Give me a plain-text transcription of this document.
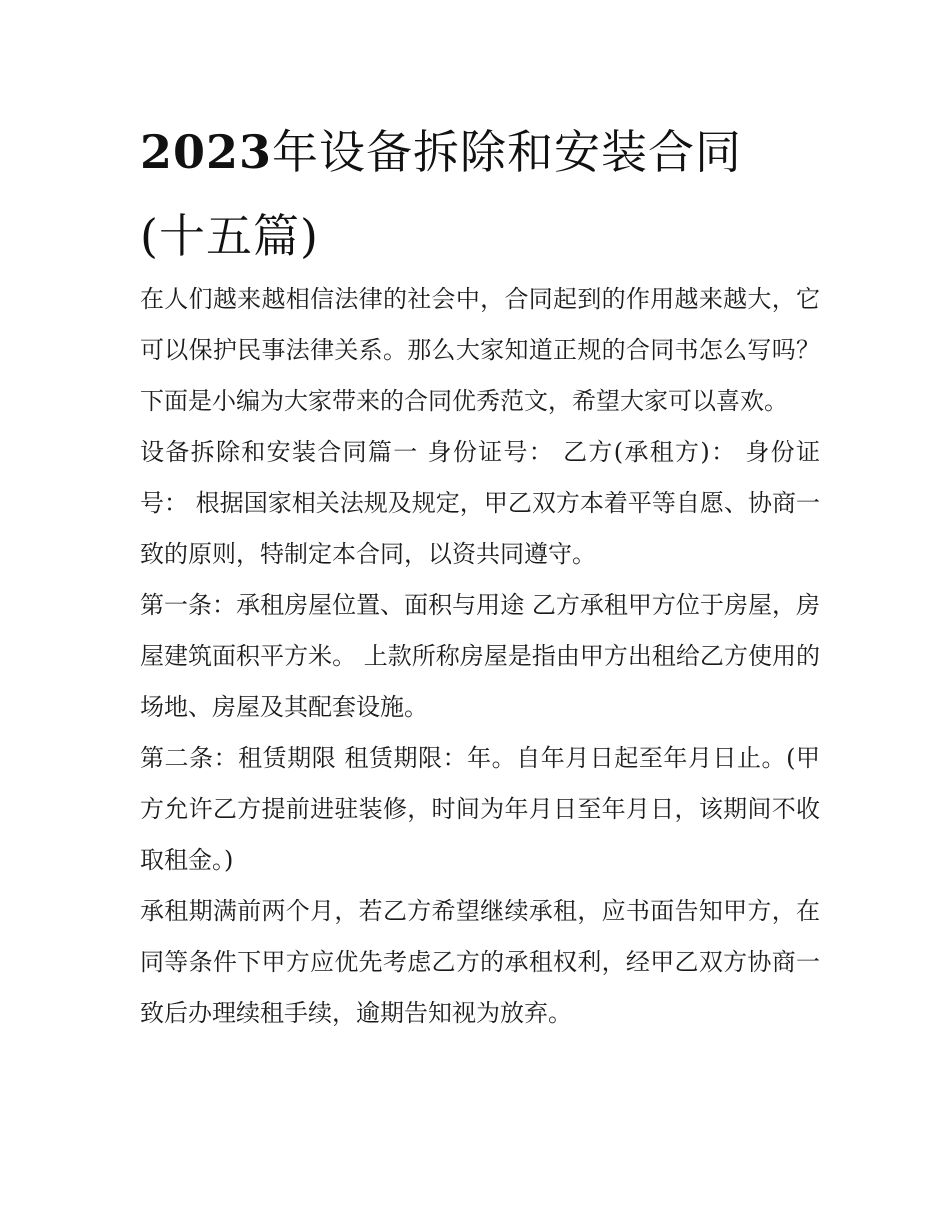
2023年设备拆除和安装合同
(十五篇)

在人们越来越相信法律的社会中，合同起到的作用越来越大，它可以保护民事法律关系。那么大家知道正规的合同书怎么写吗？下面是小编为大家带来的合同优秀范文，希望大家可以喜欢。

设备拆除和安装合同篇一 身份证号： 乙方(承租方)： 身份证号： 根据国家相关法规及规定，甲乙双方本着平等自愿、协商一致的原则，特制定本合同，以资共同遵守。

第一条：承租房屋位置、面积与用途 乙方承租甲方位于房屋，房屋建筑面积平方米。 上款所称房屋是指由甲方出租给乙方使用的场地、房屋及其配套设施。

第二条：租赁期限 租赁期限：年。自年月日起至年月日止。(甲方允许乙方提前进驻装修，时间为年月日至年月日，该期间不收取租金。)

承租期满前两个月，若乙方希望继续承租，应书面告知甲方，在同等条件下甲方应优先考虑乙方的承租权利，经甲乙双方协商一致后办理续租手续，逾期告知视为放弃。
